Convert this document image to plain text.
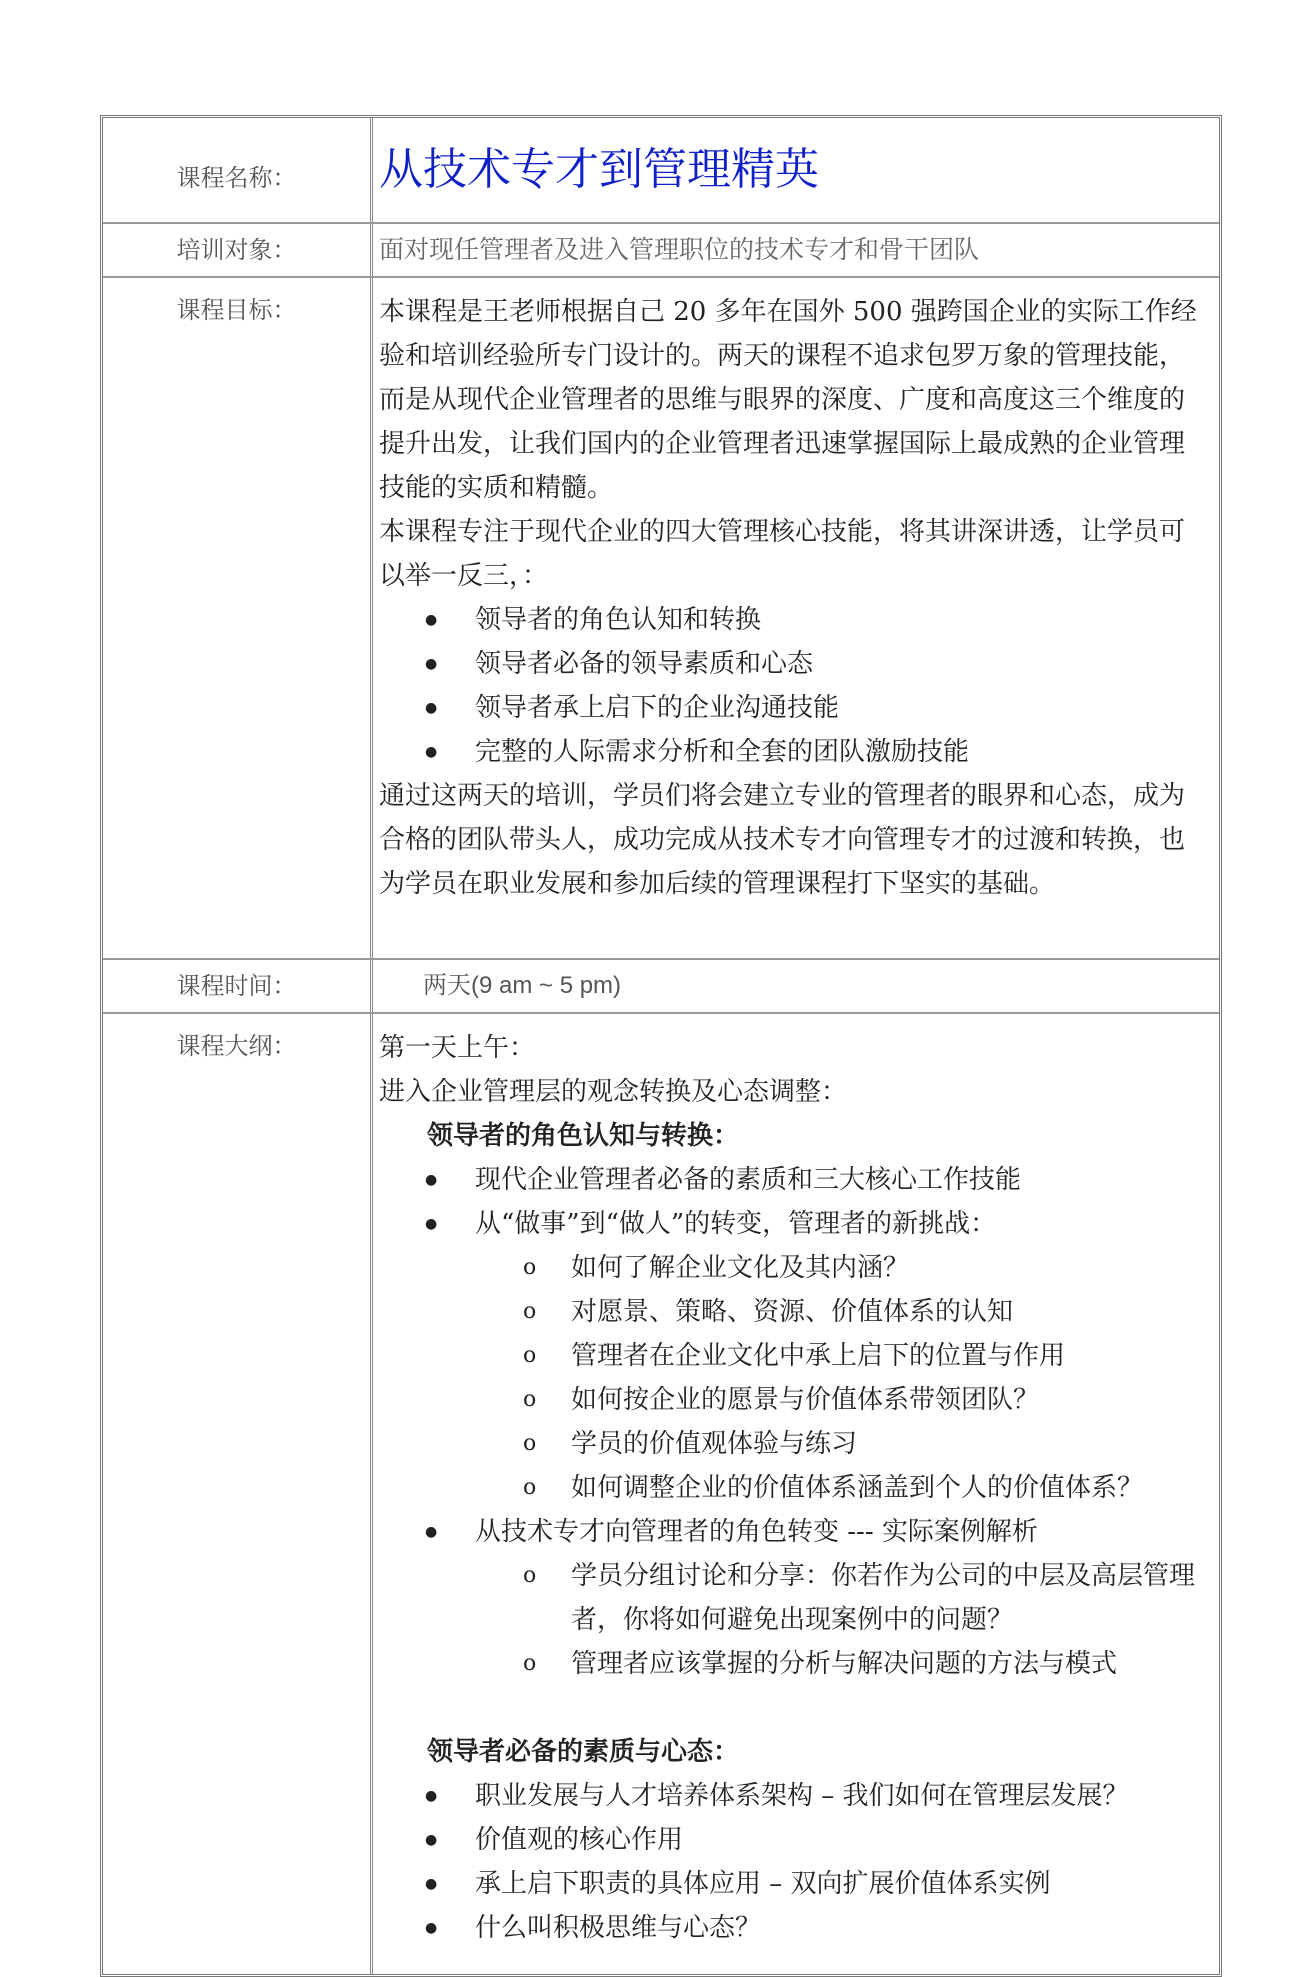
课程名称：	从技术专才到管理精英
培训对象：	面对现任管理者及进入管理职位的技术专才和骨干团队
课程目标：	本课程是王老师根据自己 20 多年在国外 500 强跨国企业的实际工作经

验和培训经验所专门设计的。两天的课程不追求包罗万象的管理技能，

而是从现代企业管理者的思维与眼界的深度、广度和高度这三个维度的

提升出发，让我们国内的企业管理者迅速掌握国际上最成熟的企业管理

技能的实质和精髓。

本课程专注于现代企业的四大管理核心技能，将其讲深讲透，让学员可

以举一反三，：

● 领导者的角色认知和转换
● 领导者必备的领导素质和心态
● 领导者承上启下的企业沟通技能
● 完整的人际需求分析和全套的团队激励技能

通过这两天的培训，学员们将会建立专业的管理者的眼界和心态，成为

合格的团队带头人，成功完成从技术专才向管理专才的过渡和转换，也

为学员在职业发展和参加后续的管理课程打下坚实的基础。

课程时间：	两天(9 am ~ 5 pm)
课程大纲：	第一天上午：

进入企业管理层的观念转换及心态调整：

领导者的角色认知与转换：

● 现代企业管理者必备的素质和三大核心工作技能
● 从“做事”到“做人”的转变，管理者的新挑战：
o 如何了解企业文化及其内涵？
o 对愿景、策略、资源、价值体系的认知
o 管理者在企业文化中承上启下的位置与作用
o 如何按企业的愿景与价值体系带领团队？
o 学员的价值观体验与练习
o 如何调整企业的价值体系涵盖到个人的价值体系？
● 从技术专才向管理者的角色转变 --- 实际案例解析
o 学员分组讨论和分享：你若作为公司的中层及高层管理
者，你将如何避免出现案例中的问题？
o 管理者应该掌握的分析与解决问题的方法与模式

领导者必备的素质与心态：

● 职业发展与人才培养体系架构 – 我们如何在管理层发展？
● 价值观的核心作用
● 承上启下职责的具体应用 – 双向扩展价值体系实例
● 什么叫积极思维与心态？
